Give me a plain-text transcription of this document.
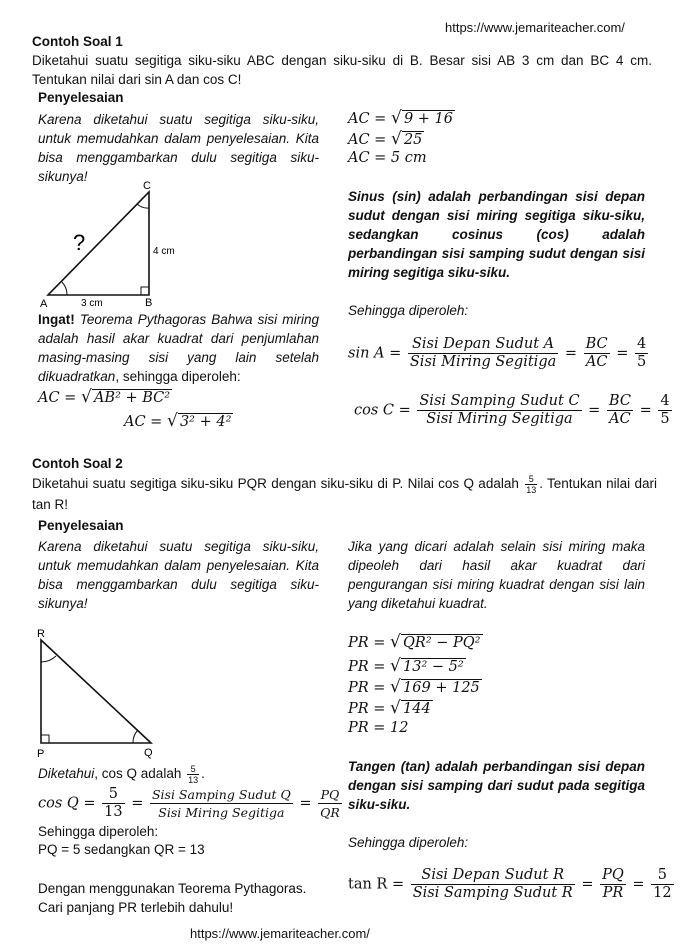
https://www.jemariteacher.com/
Contoh Soal 1
Diketahui suatu segitiga siku-siku ABC dengan siku-siku di B. Besar sisi AB 3 cm dan BC 4 cm. Tentukan nilai dari sin A dan cos C!
Penyelesaian
Karena diketahui suatu segitiga siku-siku, untuk memudahkan dalam penyelesaian. Kita bisa menggambarkan dulu segitiga siku-sikunya!
A	B
C
3 cm
4 cm
?
Ingat! Teorema Pythagoras Bahwa sisi miring adalah hasil akar kuadrat dari penjumlahan masing-masing sisi yang lain setelah dikuadratkan, sehingga diperoleh:
AC = √ AB² + BC²
AC = √ 3² + 4²
AC = √ 9 + 16
AC = √ 25
AC = 5 cm
Sinus (sin) adalah perbandingan sisi depan sudut dengan sisi miring segitiga siku-siku, sedangkan cosinus (cos) adalah perbandingan sisi samping sudut dengan sisi miring segitiga siku-siku.
Sehingga diperoleh:
$\sin A = \frac{\text{Sisi Depan Sudut A}}{\text{Sisi Miring Segitiga}} = \frac{BC}{AC} = \frac{4}{5}$
$\cos C = \frac{\text{Sisi Samping Sudut C}}{\text{Sisi Miring Segitiga}} = \frac{BC}{AC} = \frac{4}{5}$
Contoh Soal 2
Diketahui suatu segitiga siku-siku PQR dengan siku-siku di P. Nilai cos Q adalah $\frac{5}{13}$ . Tentukan nilai dari tan R!
Penyelesaian
Karena diketahui suatu segitiga siku-siku, untuk memudahkan dalam penyelesaian. Kita bisa menggambarkan dulu segitiga siku-sikunya!
R
P	Q
Diketahui, cos Q adalah $\frac{5}{13}$ .
$\cos Q = \frac{5}{13} = \frac{\text{Sisi Samping Sudut Q}}{\text{Sisi Miring Segitiga}} = \frac{PQ}{QR}$
Sehingga diperoleh:
PQ = 5 sedangkan QR = 13
Dengan menggunakan Teorema Pythagoras. Cari panjang PR terlebih dahulu!
Jika yang dicari adalah selain sisi miring maka dipeoleh dari hasil akar kuadrat dari pengurangan sisi miring kuadrat dengan sisi lain yang diketahui kuadrat.
PR = √ QR² − PQ²
PR = √ 13² − 5²
PR = √ 169 + 125
PR = √ 144
PR = 12
Tangen (tan) adalah perbandingan sisi depan dengan sisi samping dari sudut pada segitiga siku-siku.
Sehingga diperoleh:
$\tan R = \frac{\text{Sisi Depan Sudut R}}{\text{Sisi Samping Sudut R}} = \frac{PQ}{PR} = \frac{5}{12}$
https://www.jemariteacher.com/
